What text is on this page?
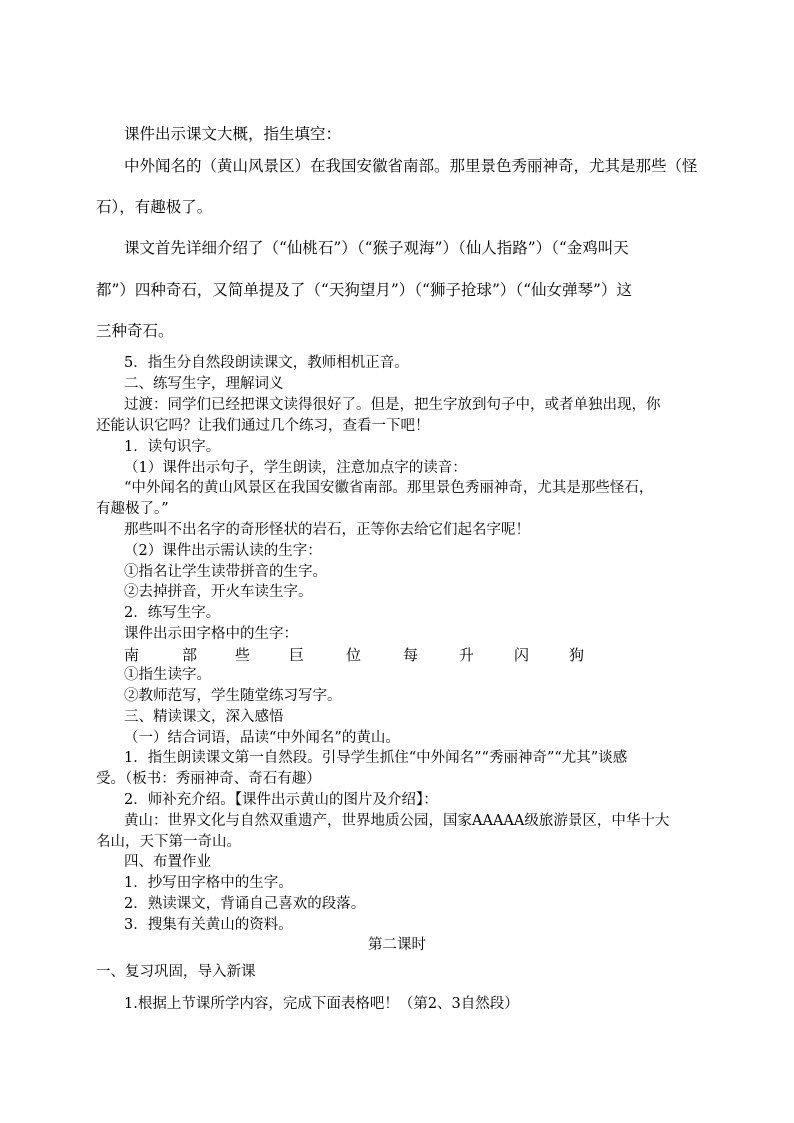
课件出示课文大概，指生填空：
中外闻名的（黄山风景区）在我国安徽省南部。那里景色秀丽神奇，尤其是那些（怪
石），有趣极了。
课文首先详细介绍了（“仙桃石”）（“猴子观海”）（仙人指路”）（“金鸡叫天
都”）四种奇石，又简单提及了（“天狗望月”）（“狮子抢球”）（“仙女弹琴”）这
三种奇石。
5．指生分自然段朗读课文，教师相机正音。
二、练写生字，理解词义
过渡：同学们已经把课文读得很好了。但是，把生字放到句子中，或者单独出现，你
还能认识它吗？让我们通过几个练习，查看一下吧！
1．读句识字。
（1）课件出示句子，学生朗读，注意加点字的读音：
“中外闻名的黄山风景区在我国安徽省南部。那里景色秀丽神奇，尤其是那些怪石，
有趣极了。”
那些叫不出名字的奇形怪状的岩石，正等你去给它们起名字呢！
（2）课件出示需认读的生字：
①指名让学生读带拼音的生字。
②去掉拼音，开火车读生字。
2．练写生字。
课件出示田字格中的生字：
南	部	些	巨	位	每	升	闪	狗
①指生读字。
②教师范写，学生随堂练习写字。
三、精读课文，深入感悟
（一）结合词语，品读“中外闻名”的黄山。
1．指生朗读课文第一自然段。引导学生抓住“中外闻名”“秀丽神奇”“尤其”谈感
受。（板书：秀丽神奇、奇石有趣）
2．师补充介绍。【课件出示黄山的图片及介绍】：
黄山：世界文化与自然双重遗产，世界地质公园，国家AAAAA级旅游景区，中华十大
名山，天下第一奇山。
四、布置作业
1．抄写田字格中的生字。
2．熟读课文，背诵自己喜欢的段落。
3．搜集有关黄山的资料。
第二课时
一、复习巩固，导入新课
1.根据上节课所学内容，完成下面表格吧！（第2、3自然段）
